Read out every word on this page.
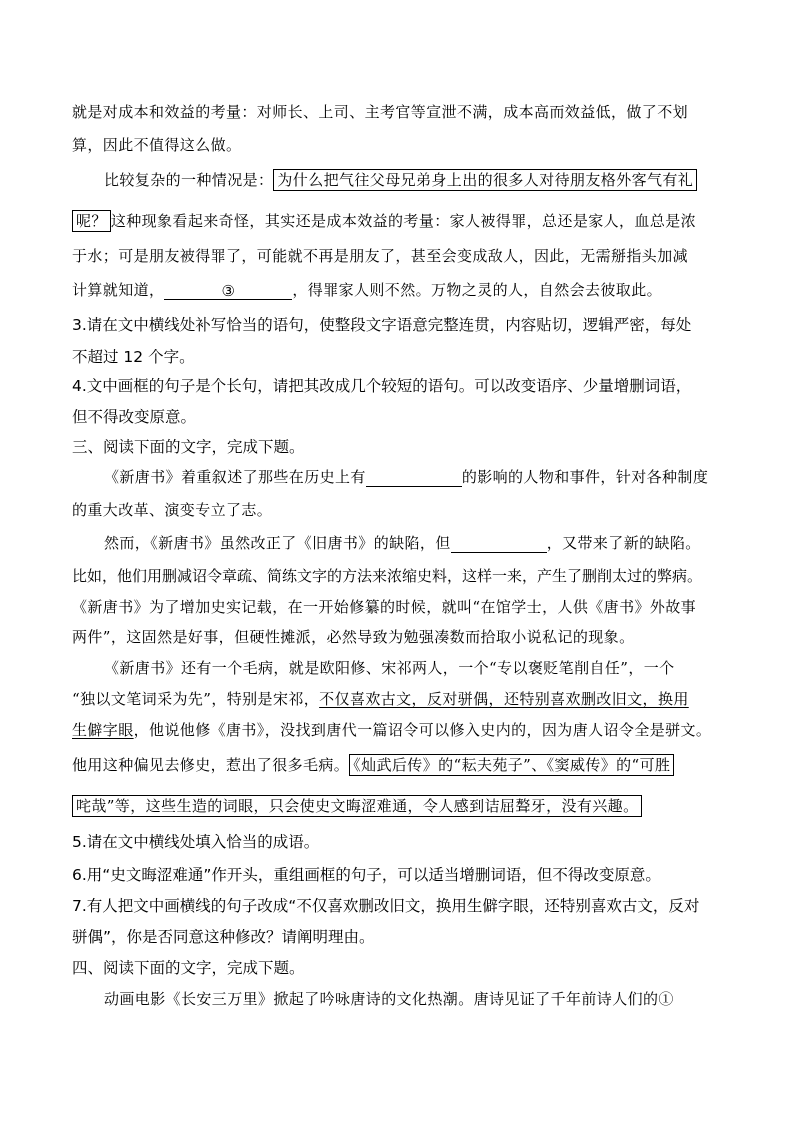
就是对成本和效益的考量：对师长、上司、主考官等宣泄不满，成本高而效益低，做了不划
算，因此不值得这么做。
比较复杂的一种情况是： 为什么把气往父母兄弟身上出的很多人对待朋友格外客气有礼
呢？ 这种现象看起来奇怪，其实还是成本效益的考量：家人被得罪，总还是家人，血总是浓
于水；可是朋友被得罪了，可能就不再是朋友了，甚至会变成敌人，因此，无需掰指头加减
计算就知道，	③	，得罪家人则不然。万物之灵的人，自然会去彼取此。
3.请在文中横线处补写恰当的语句，使整段文字语意完整连贯，内容贴切，逻辑严密，每处
不超过 12 个字。
4.文中画框的句子是个长句，请把其改成几个较短的语句。可以改变语序、少量增删词语，
但不得改变原意。
三、阅读下面的文字，完成下题。
《新唐书》着重叙述了那些在历史上有	的影响的人物和事件，针对各种制度
的重大改革、演变专立了志。
然而，《新唐书》虽然改正了《旧唐书》的缺陷，但	，又带来了新的缺陷。
比如，他们用删减诏令章疏、简练文字的方法来浓缩史料，这样一来，产生了删削太过的弊病。
《新唐书》为了增加史实记载，在一开始修纂的时候，就叫“在馆学士，人供《唐书》外故事
两件”，这固然是好事，但硬性摊派，必然导致为勉强凑数而拾取小说私记的现象。
《新唐书》还有一个毛病，就是欧阳修、宋祁两人，一个“专以褒贬笔削自任”，一个
“独以文笔词采为先”，特别是宋祁，不仅喜欢古文，反对骈偶，还特别喜欢删改旧文，换用
生僻字眼，他说他修《唐书》，没找到唐代一篇诏令可以修入史内的，因为唐人诏令全是骈文。
他用这种偏见去修史，惹出了很多毛病。 《灿武后传》的“耘夫苑子”、《窦威传》的“可胜
咤哉”等，这些生造的词眼，只会使史文晦涩难通，令人感到诘屈聱牙，没有兴趣。
5.请在文中横线处填入恰当的成语。
6.用“史文晦涩难通”作开头，重组画框的句子，可以适当增删词语，但不得改变原意。
7.有人把文中画横线的句子改成“不仅喜欢删改旧文，换用生僻字眼，还特别喜欢古文，反对
骈偶”，你是否同意这种修改？请阐明理由。
四、阅读下面的文字，完成下题。
动画电影《长安三万里》掀起了吟咏唐诗的文化热潮。唐诗见证了千年前诗人们的①
